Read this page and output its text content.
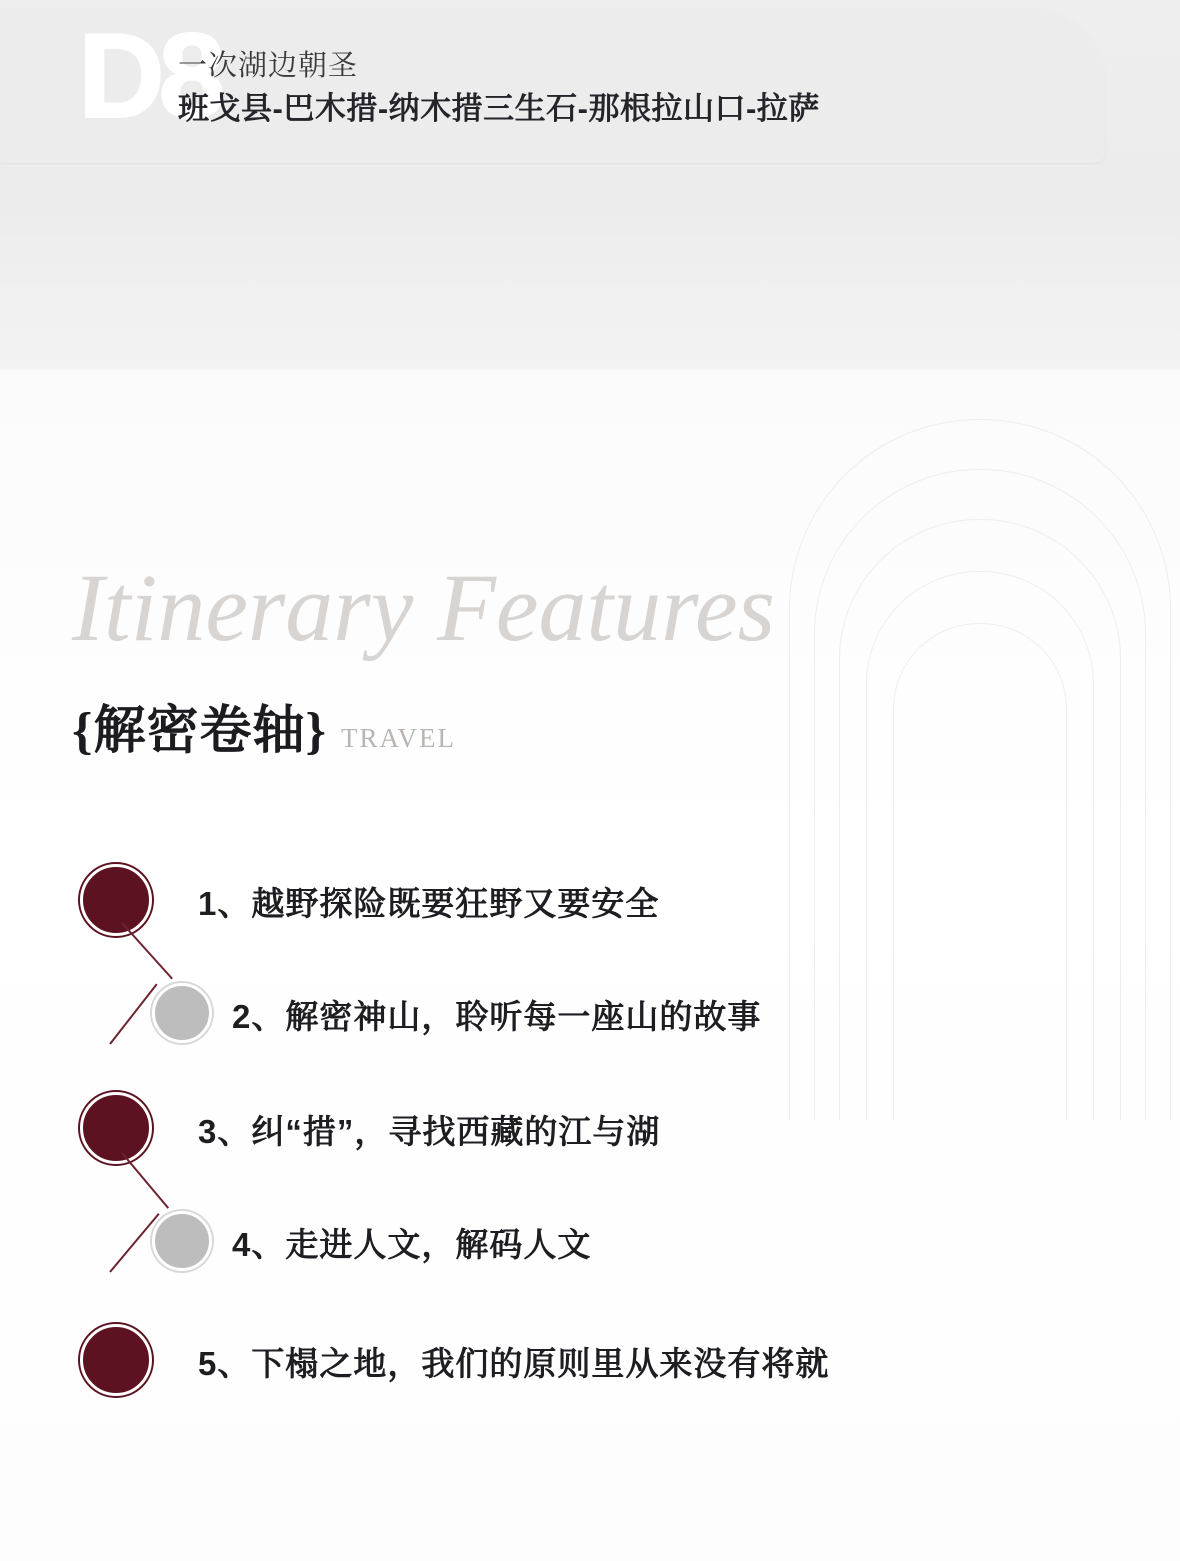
D8
一次湖边朝圣
班戈县-巴木措-纳木措三生石-那根拉山口-拉萨
Itinerary Features
{解密卷轴} TRAVEL
1、越野探险既要狂野又要安全
2、解密神山，聆听每一座山的故事
3、纠“措”，寻找西藏的江与湖
4、走进人文，解码人文
5、下榻之地，我们的原则里从来没有将就
